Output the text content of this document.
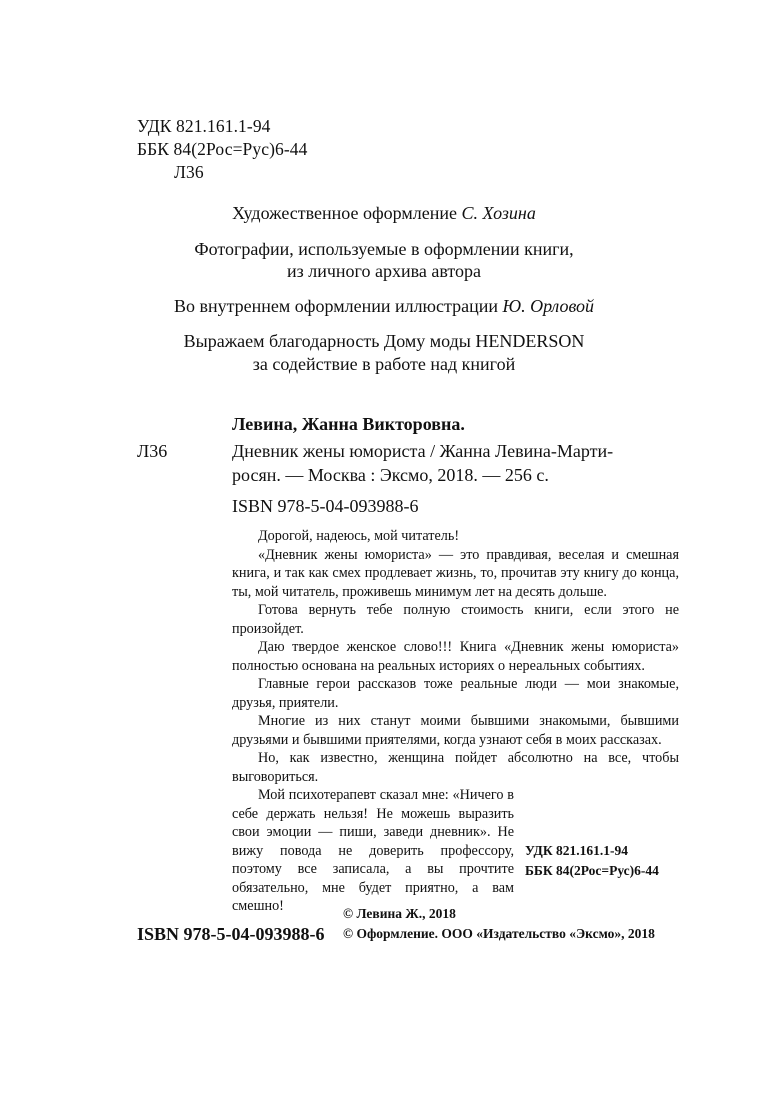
УДК 821.161.1-94
ББК 84(2Рос=Рус)6-44
Л36
Художественное оформление С. Хозина
Фотографии, используемые в оформлении книги,
из личного архива автора
Во внутреннем оформлении иллюстрации Ю. Орловой
Выражаем благодарность Дому моды HENDERSON
за содействие в работе над книгой
Левина, Жанна Викторовна.
Л36	Дневник жены юмориста / Жанна Левина-Марти-
росян. — Москва : Эксмо, 2018. — 256 с.
ISBN 978-5-04-093988-6

Дорогой, надеюсь, мой читатель!

«Дневник жены юмориста» — это правдивая, веселая и смешная книга, и так как смех продлевает жизнь, то, прочитав эту книгу до конца, ты, мой читатель, проживешь минимум лет на десять дольше.

Готова вернуть тебе полную стоимость книги, если этого не произойдет.

Даю твердое женское слово!!! Книга «Дневник жены юмориста» полностью основана на реальных историях о нереальных событиях.

Главные герои рассказов тоже реальные люди — мои знакомые, друзья, приятели.

Многие из них станут моими бывшими знакомыми, бывшими друзьями и бывшими приятелями, когда узнают себя в моих рассказах.

Но, как известно, женщина пойдет абсолютно на все, чтобы выговориться.

Мой психотерапевт сказал мне: «Ничего в себе держать нельзя! Не можешь выразить свои эмоции — пиши, заведи дневник». Не вижу повода не доверить профессору, поэтому все записала, а вы прочтите обязательно, мне будет приятно, а вам смешно!

УДК 821.161.1-94
ББК 84(2Рос=Рус)6-44
© Левина Ж., 2018
ISBN 978-5-04-093988-6 © Оформление. ООО «Издательство «Эксмо», 2018
